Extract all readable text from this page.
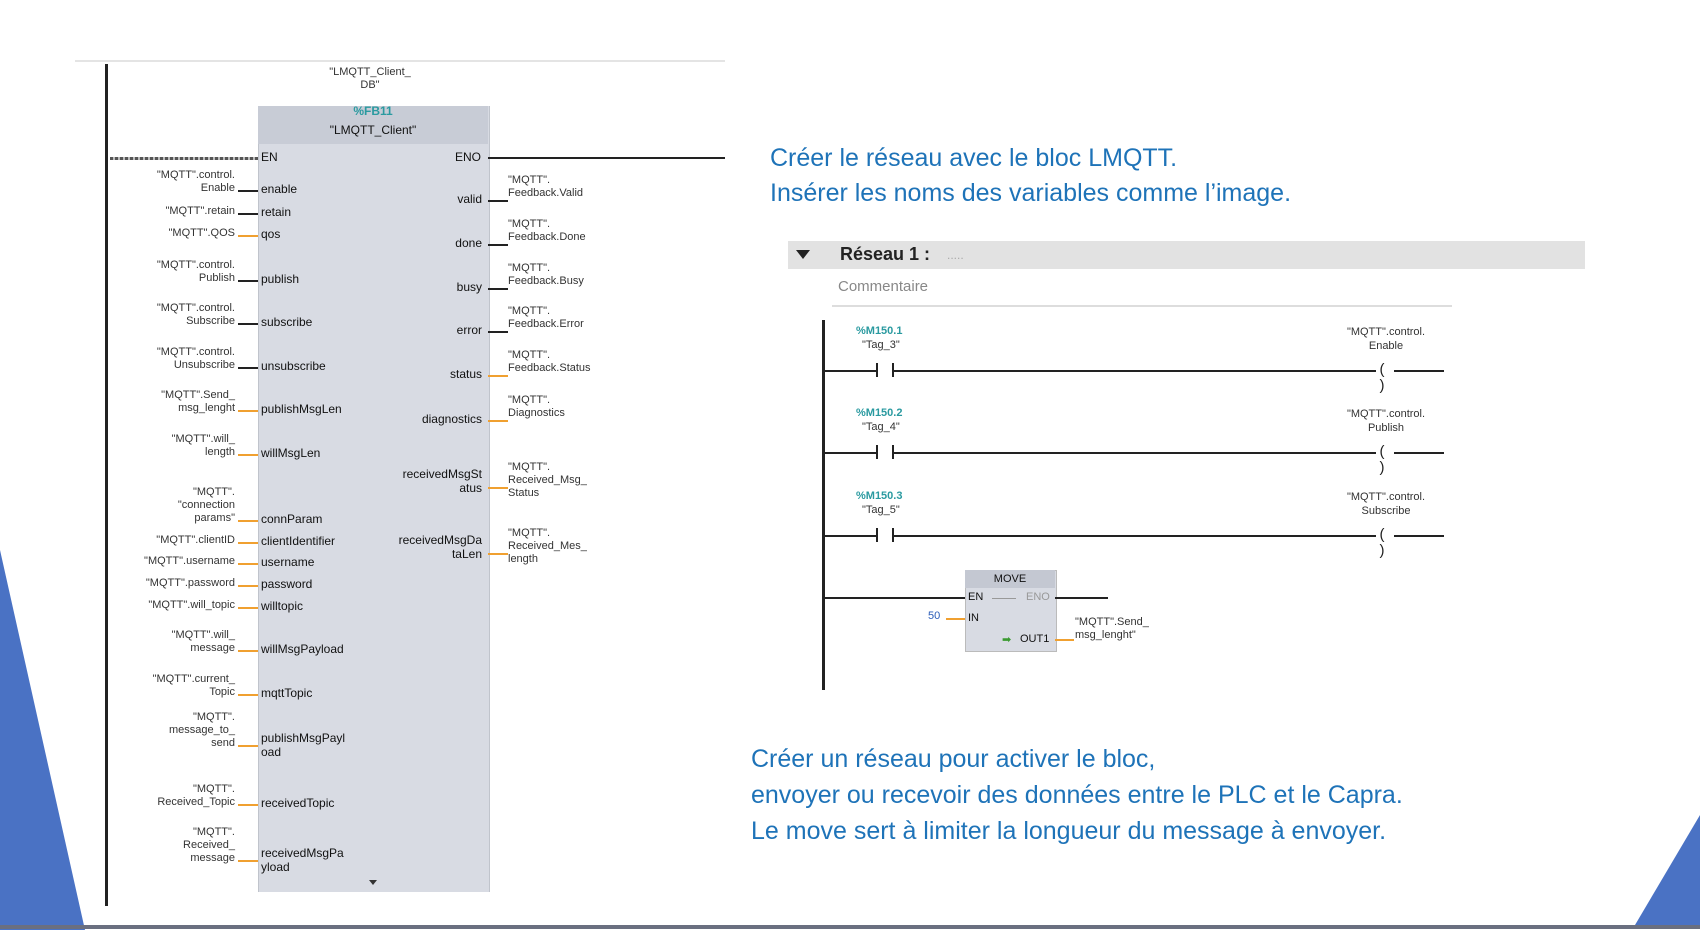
"LMQTT_Client_
DB"
%FB11
"LMQTT_Client"
EN	ENO
"MQTT".control.
Enable enable
"MQTT".retain retain
"MQTT".QOS qos
"MQTT".control.
Publish publish
"MQTT".control.
Subscribe subscribe
"MQTT".control.
Unsubscribe unsubscribe
"MQTT".Send_
msg_lenght publishMsgLen
"MQTT".will_
length willMsgLen
"MQTT".
"connection
params" connParam
"MQTT".clientID clientIdentifier
"MQTT".username username
"MQTT".password password
"MQTT".will_topic willtopic
"MQTT".will_
message willMsgPayload
"MQTT".current_
Topic mqttTopic
"MQTT".
message_to_
send publishMsgPayl
oad
"MQTT".
Received_Topic receivedTopic
"MQTT".
Received_
message receivedMsgPa
yload
valid
"MQTT".
Feedback.Valid
done
"MQTT".
Feedback.Done
busy
"MQTT".
Feedback.Busy
error
"MQTT".
Feedback.Error
status
"MQTT".
Feedback.Status
diagnostics
"MQTT".
Diagnostics
receivedMsgSt
atus
"MQTT".
Received_Msg_
Status
receivedMsgDa
taLen
"MQTT".
Received_Mes_
length
Créer le réseau avec le bloc LMQTT.
Insérer les noms des variables comme l’image.
Créer un réseau pour activer le bloc,
envoyer ou recevoir des données entre le PLC et le Capra.
Le move sert à limiter la longueur du message à envoyer.
Réseau 1 : .....
Commentaire
%M150.1
"Tag_3"
( )
"MQTT".control.
Enable
%M150.2
"Tag_4"
( )
"MQTT".control.
Publish
%M150.3
"Tag_5"
( )
"MQTT".control.
Subscribe
MOVE
EN	ENO
IN
50
➡ OUT1
"MQTT".Send_
msg_lenght"
